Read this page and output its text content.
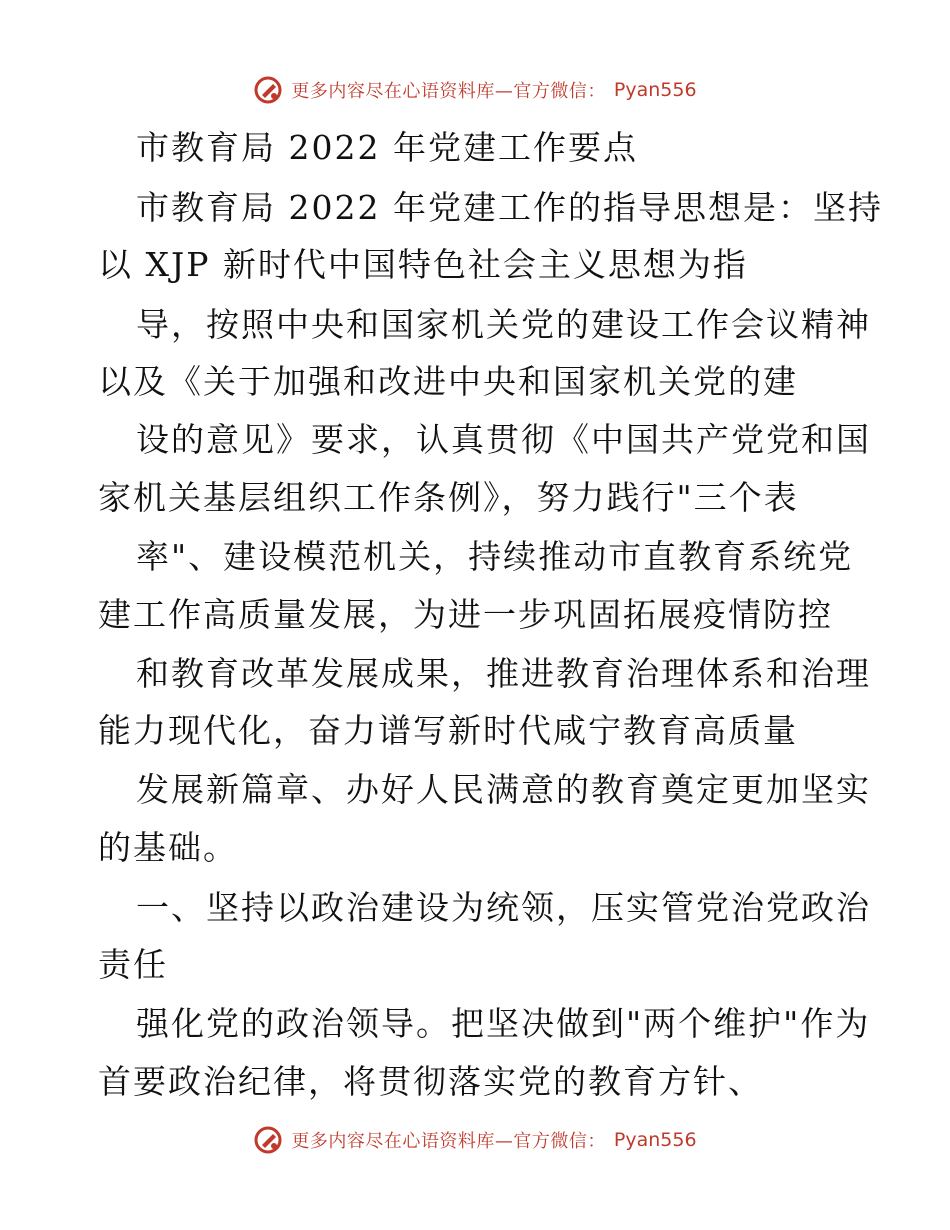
更多内容尽在心语资料库—官方微信： Pyan556
市教育局 2022 年党建工作要点
市教育局 2022 年党建工作的指导思想是：坚持
以 XJP 新时代中国特色社会主义思想为指
导，按照中央和国家机关党的建设工作会议精神
以及《关于加强和改进中央和国家机关党的建
设的意见》要求，认真贯彻《中国共产党党和国
家机关基层组织工作条例》，努力践行"三个表
率"、建设模范机关，持续推动市直教育系统党
建工作高质量发展，为进一步巩固拓展疫情防控
和教育改革发展成果，推进教育治理体系和治理
能力现代化，奋力谱写新时代咸宁教育高质量
发展新篇章、办好人民满意的教育奠定更加坚实
的基础。
一、坚持以政治建设为统领，压实管党治党政治
责任
强化党的政治领导。把坚决做到"两个维护"作为
首要政治纪律，将贯彻落实党的教育方针、
更多内容尽在心语资料库—官方微信： Pyan556
